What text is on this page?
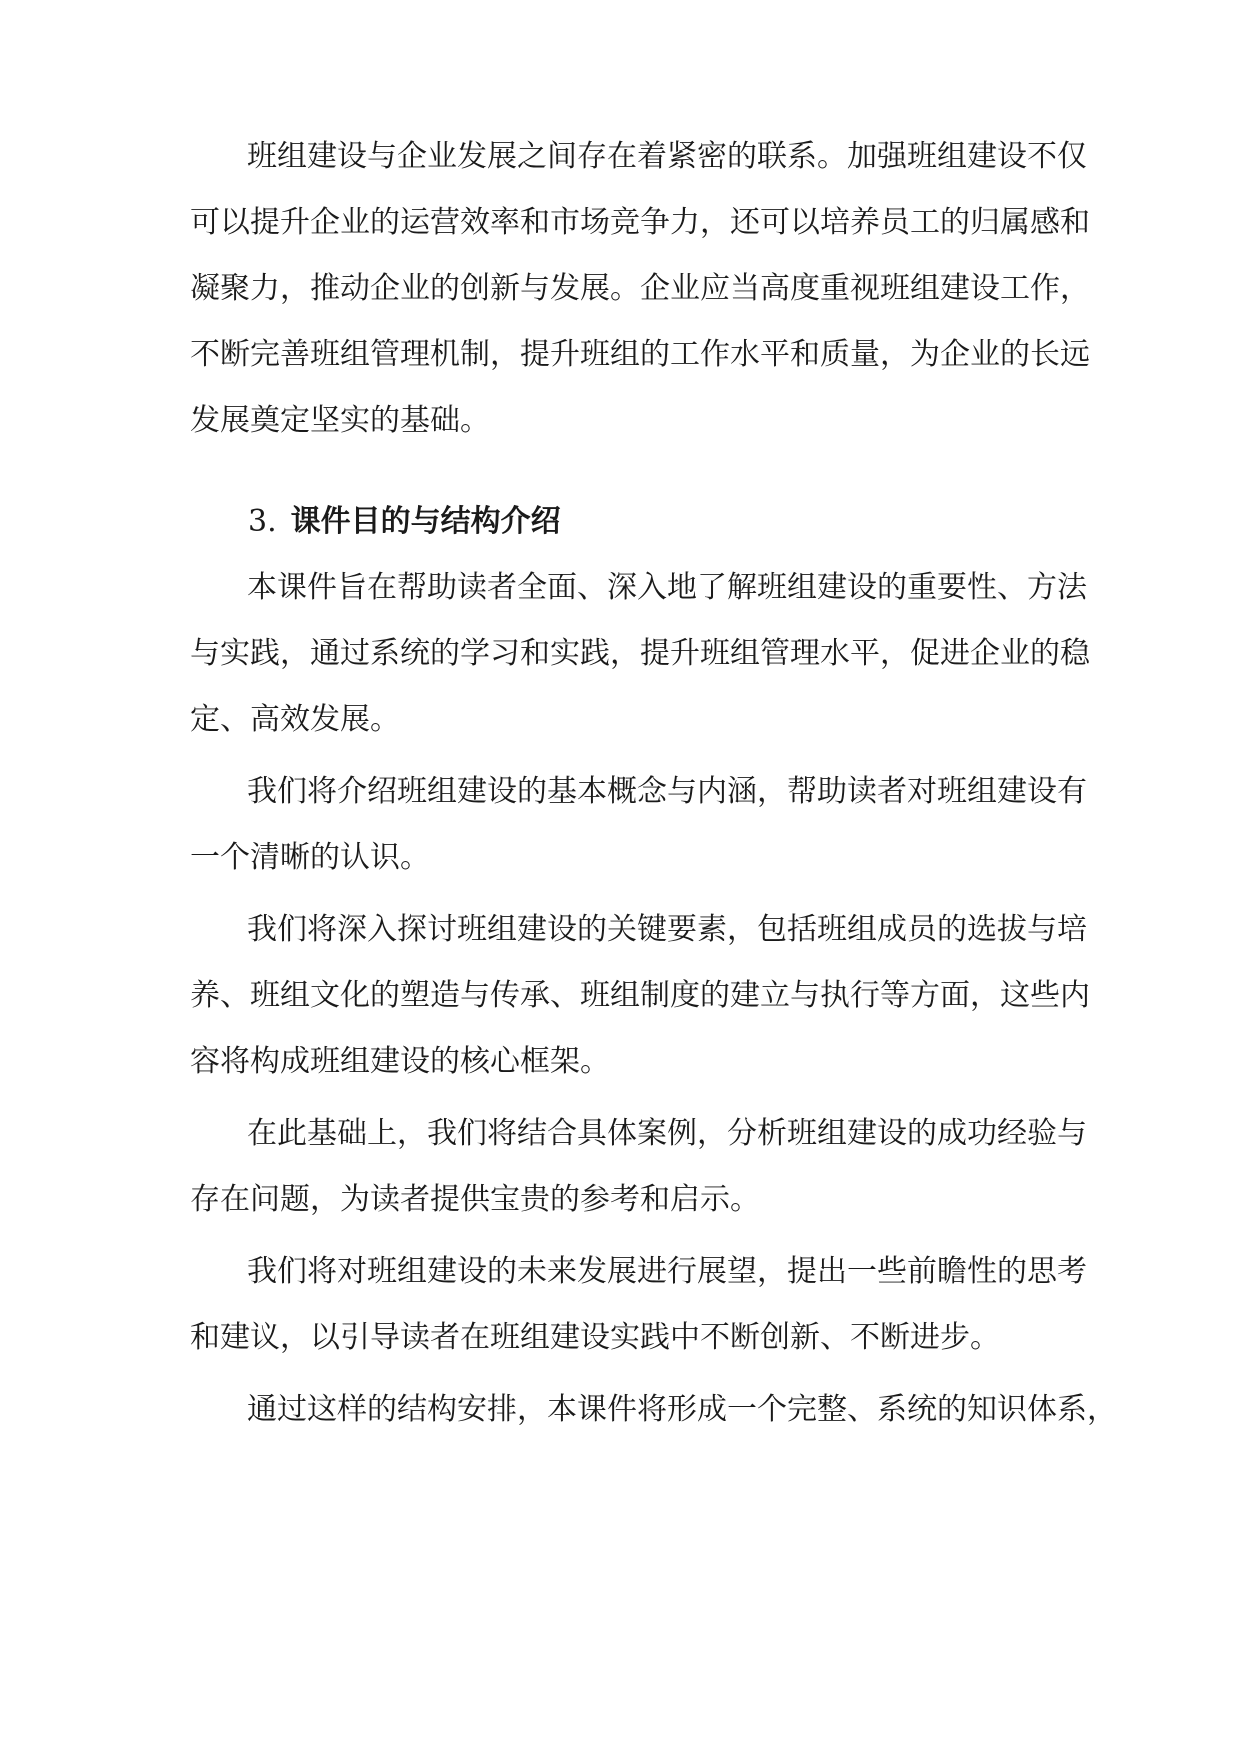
班组建设与企业发展之间存在着紧密的联系。加强班组建设不仅
可以提升企业的运营效率和市场竞争力，还可以培养员工的归属感和
凝聚力，推动企业的创新与发展。企业应当高度重视班组建设工作，
不断完善班组管理机制，提升班组的工作水平和质量，为企业的长远
发展奠定坚实的基础。
3. 课件目的与结构介绍
本课件旨在帮助读者全面、深入地了解班组建设的重要性、方法
与实践，通过系统的学习和实践，提升班组管理水平，促进企业的稳
定、高效发展。
我们将介绍班组建设的基本概念与内涵，帮助读者对班组建设有
一个清晰的认识。
我们将深入探讨班组建设的关键要素，包括班组成员的选拔与培
养、班组文化的塑造与传承、班组制度的建立与执行等方面，这些内
容将构成班组建设的核心框架。
在此基础上，我们将结合具体案例，分析班组建设的成功经验与
存在问题，为读者提供宝贵的参考和启示。
我们将对班组建设的未来发展进行展望，提出一些前瞻性的思考
和建议，以引导读者在班组建设实践中不断创新、不断进步。
通过这样的结构安排，本课件将形成一个完整、系统的知识体系，
